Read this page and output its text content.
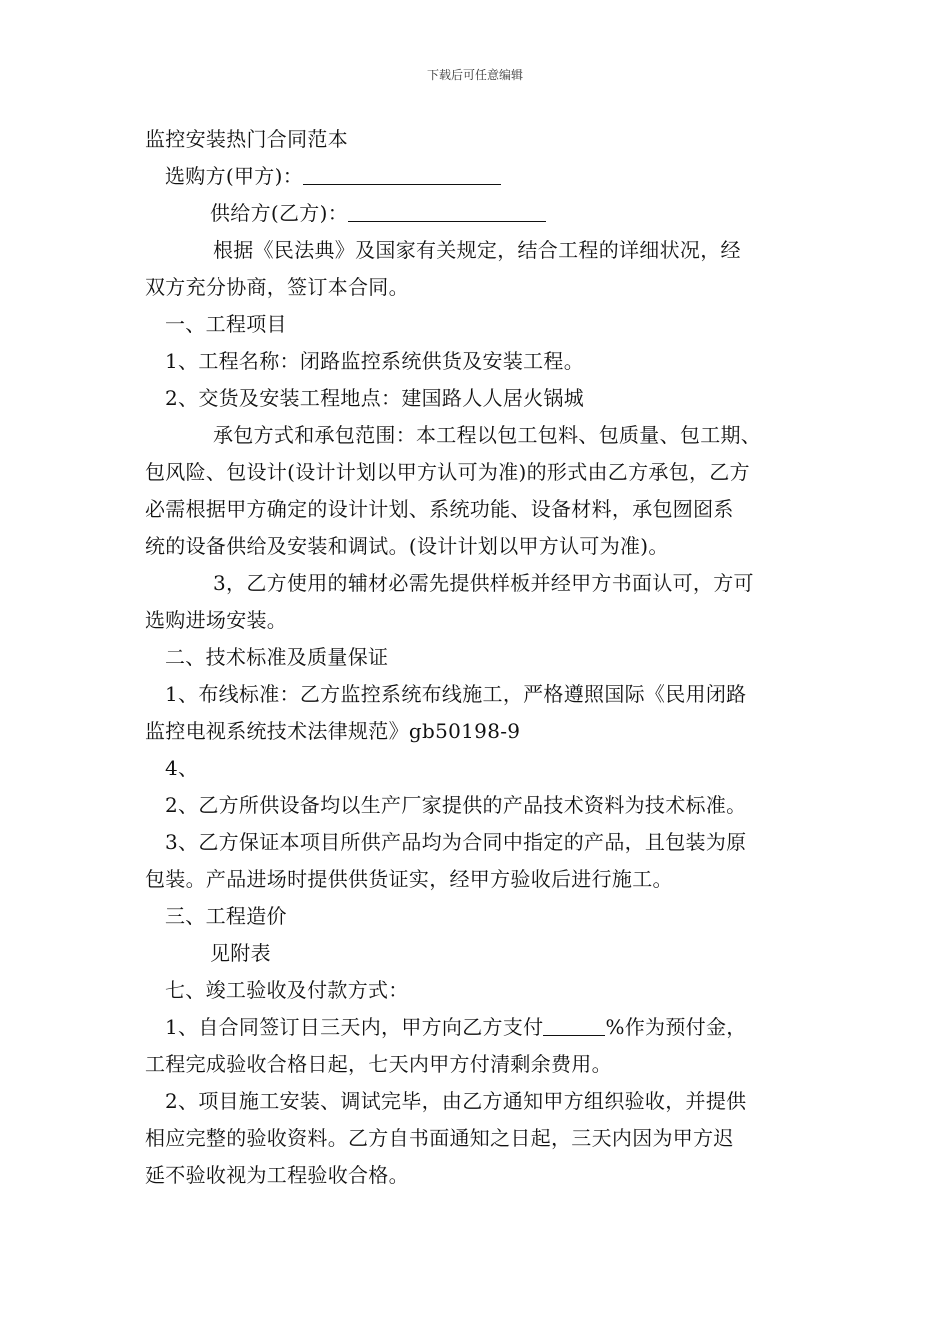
下载后可任意编辑
监控安装热门合同范本
选购方(甲方)：
供给方(乙方)：
根据《民法典》及国家有关规定，结合工程的详细状况，经
双方充分协商，签订本合同。
一、工程项目
1、工程名称：闭路监控系统供货及安装工程。
2、交货及安装工程地点：建国路人人居火锅城
承包方式和承包范围：本工程以包工包料、包质量、包工期、
包风险、包设计(设计计划以甲方认可为准)的形式由乙方承包，乙方
必需根据甲方确定的设计计划、系统功能、设备材料，承包囫囵系
统的设备供给及安装和调试。(设计计划以甲方认可为准)。
3，乙方使用的辅材必需先提供样板并经甲方书面认可，方可
选购进场安装。
二、技术标准及质量保证
1、布线标准：乙方监控系统布线施工，严格遵照国际《民用闭路
监控电视系统技术法律规范》gb50198-9
4、
2、乙方所供设备均以生产厂家提供的产品技术资料为技术标准。
3、乙方保证本项目所供产品均为合同中指定的产品，且包装为原
包装。产品进场时提供供货证实，经甲方验收后进行施工。
三、工程造价
见附表
七、竣工验收及付款方式：
1、自合同签订日三天内，甲方向乙方支付	%作为预付金，
工程完成验收合格日起，七天内甲方付清剩余费用。
2、项目施工安装、调试完毕，由乙方通知甲方组织验收，并提供
相应完整的验收资料。乙方自书面通知之日起，三天内因为甲方迟
延不验收视为工程验收合格。
